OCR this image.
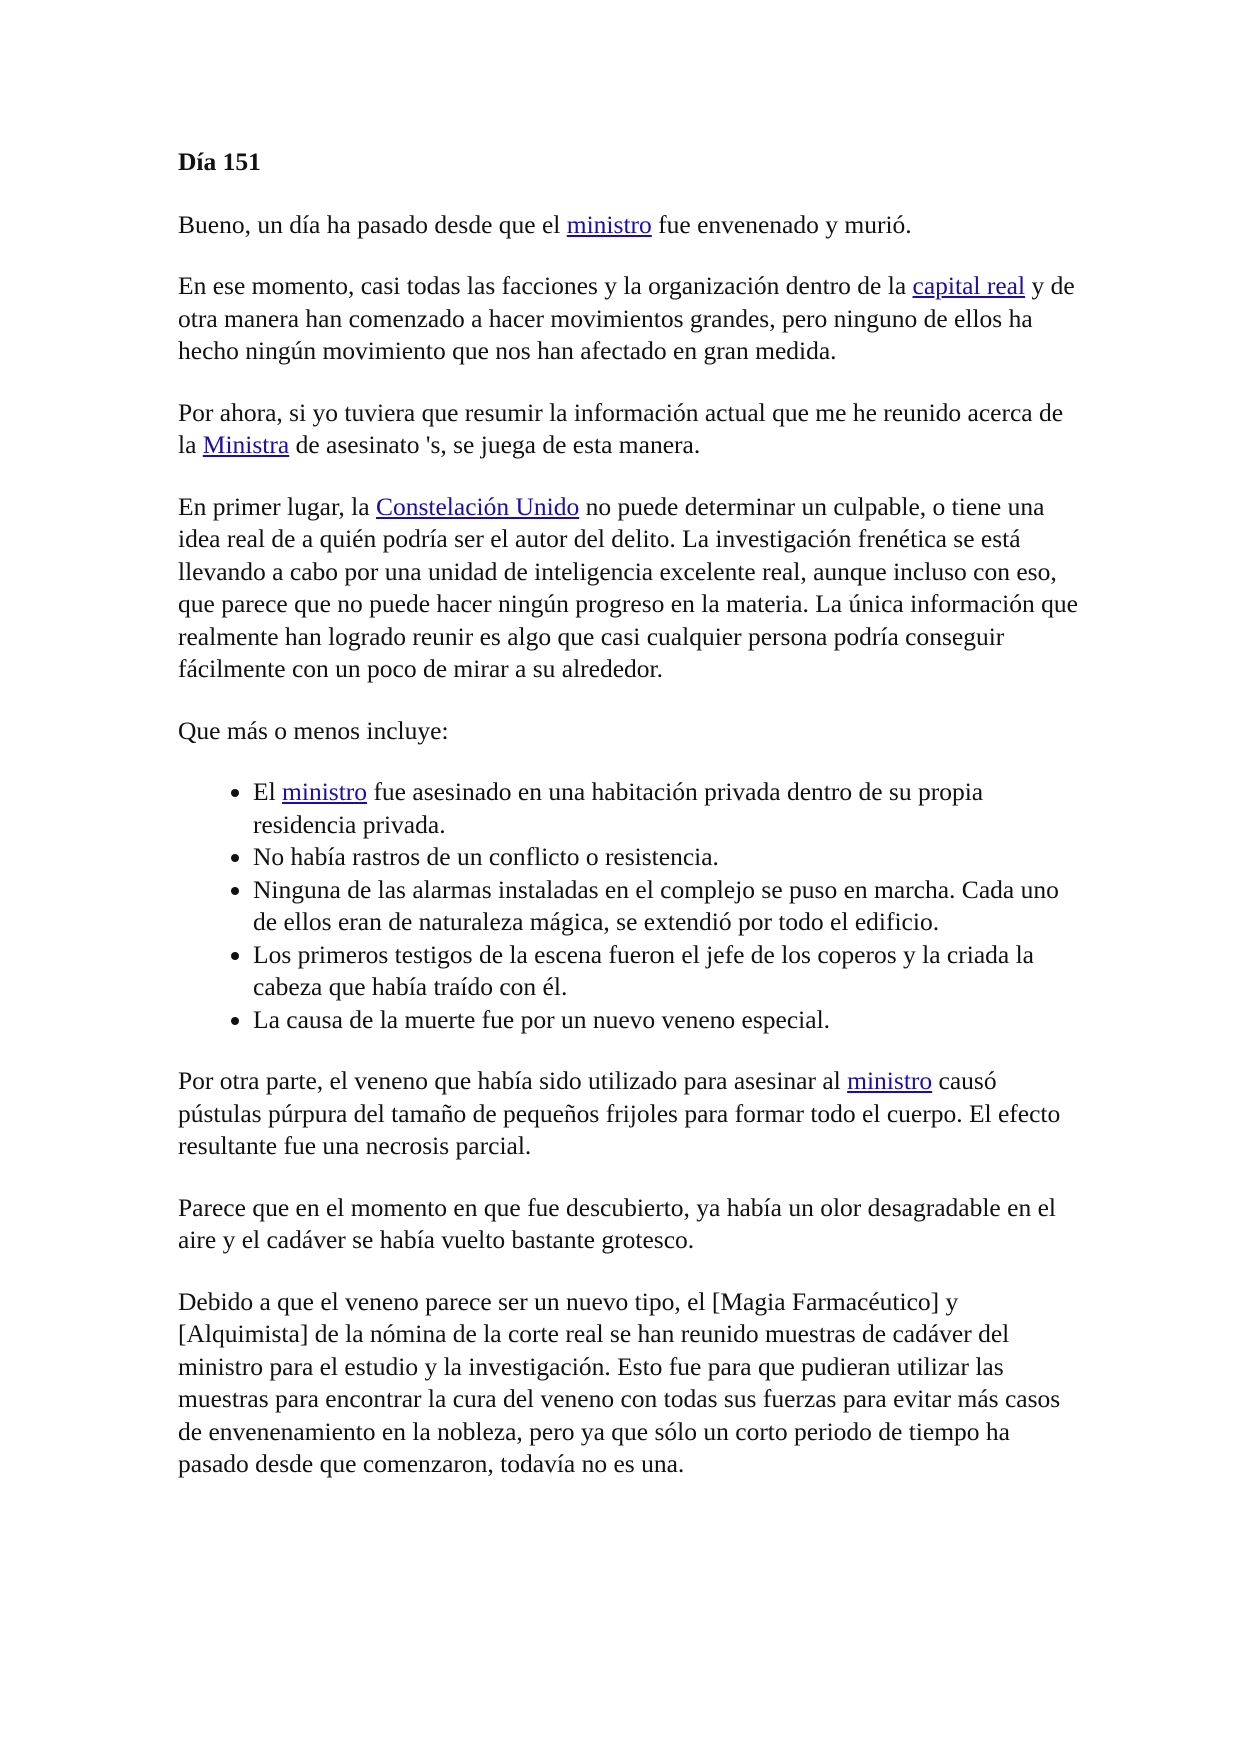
Día 151

Bueno, un día ha pasado desde que el ministro fue envenenado y murió.

En ese momento, casi todas las facciones y la organización dentro de la capital real y de otra manera han comenzado a hacer movimientos grandes, pero ninguno de ellos ha hecho ningún movimiento que nos han afectado en gran medida.

Por ahora, si yo tuviera que resumir la información actual que me he reunido acerca de la Ministra de asesinato 's, se juega de esta manera.

En primer lugar, la Constelación Unido no puede determinar un culpable, o tiene una idea real de a quién podría ser el autor del delito. La investigación frenética se está llevando a cabo por una unidad de inteligencia excelente real, aunque incluso con eso, que parece que no puede hacer ningún progreso en la materia. La única información que realmente han logrado reunir es algo que casi cualquier persona podría conseguir fácilmente con un poco de mirar a su alrededor.

Que más o menos incluye:

• El ministro fue asesinado en una habitación privada dentro de su propia residencia privada.
• No había rastros de un conflicto o resistencia.
• Ninguna de las alarmas instaladas en el complejo se puso en marcha. Cada uno de ellos eran de naturaleza mágica, se extendió por todo el edificio.
• Los primeros testigos de la escena fueron el jefe de los coperos y la criada la cabeza que había traído con él.
• La causa de la muerte fue por un nuevo veneno especial.

Por otra parte, el veneno que había sido utilizado para asesinar al ministro causó pústulas púrpura del tamaño de pequeños frijoles para formar todo el cuerpo. El efecto resultante fue una necrosis parcial.

Parece que en el momento en que fue descubierto, ya había un olor desagradable en el aire y el cadáver se había vuelto bastante grotesco.

Debido a que el veneno parece ser un nuevo tipo, el [Magia Farmacéutico] y [Alquimista] de la nómina de la corte real se han reunido muestras de cadáver del ministro para el estudio y la investigación. Esto fue para que pudieran utilizar las muestras para encontrar la cura del veneno con todas sus fuerzas para evitar más casos de envenenamiento en la nobleza, pero ya que sólo un corto periodo de tiempo ha pasado desde que comenzaron, todavía no es una.
